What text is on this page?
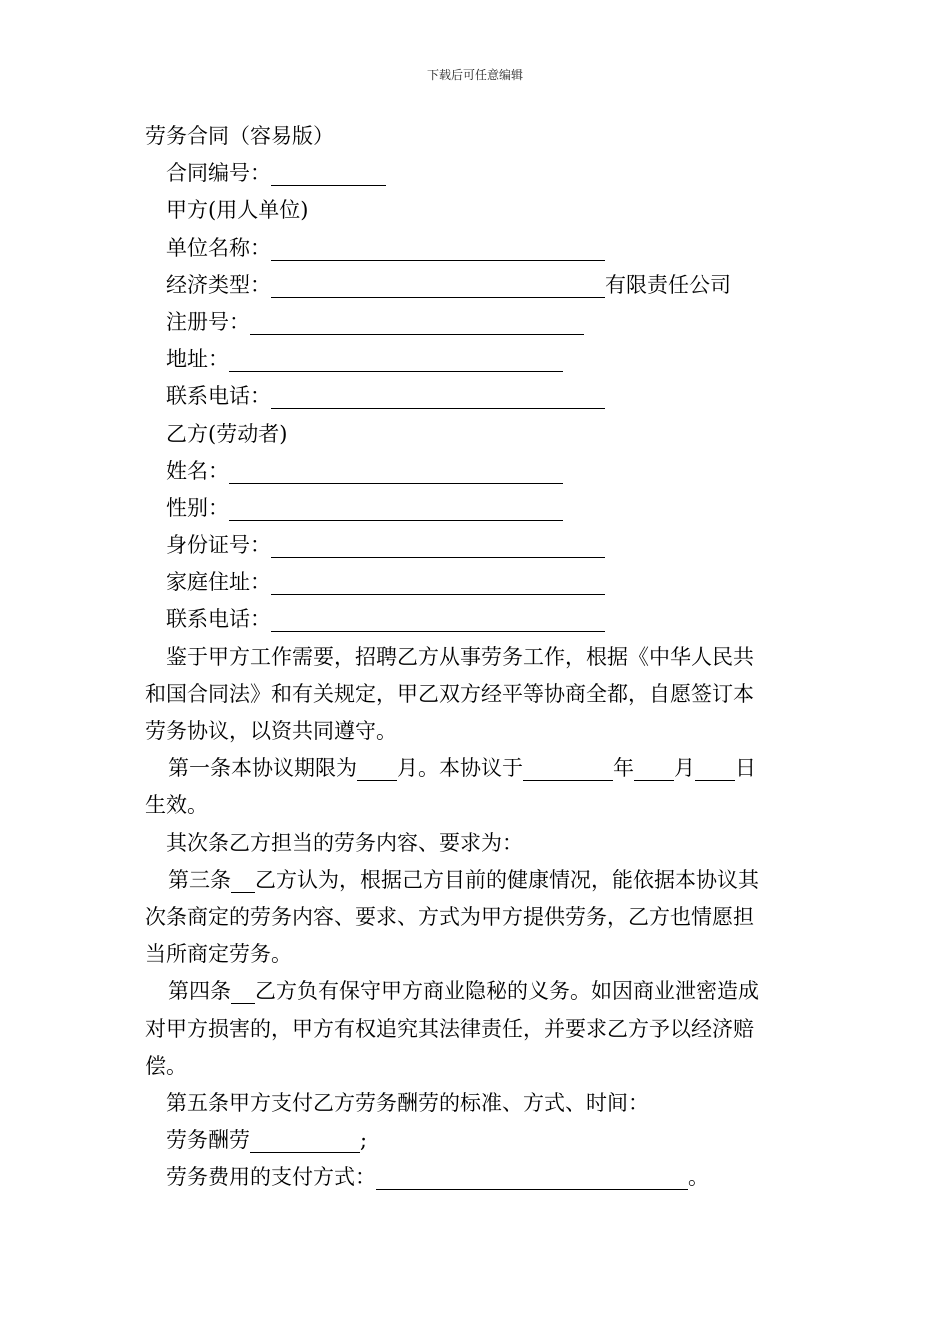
下载后可任意编辑
劳务合同（容易版）
合同编号：
甲方(用人单位)
单位名称：
经济类型：	有限责任公司
注册号：
地址：
联系电话：
乙方(劳动者)
姓名：
性别：
身份证号：
家庭住址：
联系电话：
鉴于甲方工作需要，招聘乙方从事劳务工作，根据《中华人民共
和国合同法》和有关规定，甲乙双方经平等协商全都，自愿签订本
劳务协议，以资共同遵守。
第一条本协议期限为 月。本协议于	年 月 日
生效。
其次条乙方担当的劳务内容、要求为：
第三条 乙方认为，根据己方目前的健康情况，能依据本协议其
次条商定的劳务内容、要求、方式为甲方提供劳务，乙方也情愿担
当所商定劳务。
第四条 乙方负有保守甲方商业隐秘的义务。如因商业泄密造成
对甲方损害的，甲方有权追究其法律责任，并要求乙方予以经济赔
偿。
第五条甲方支付乙方劳务酬劳的标准、方式、时间：
劳务酬劳	;
劳务费用的支付方式：	。
